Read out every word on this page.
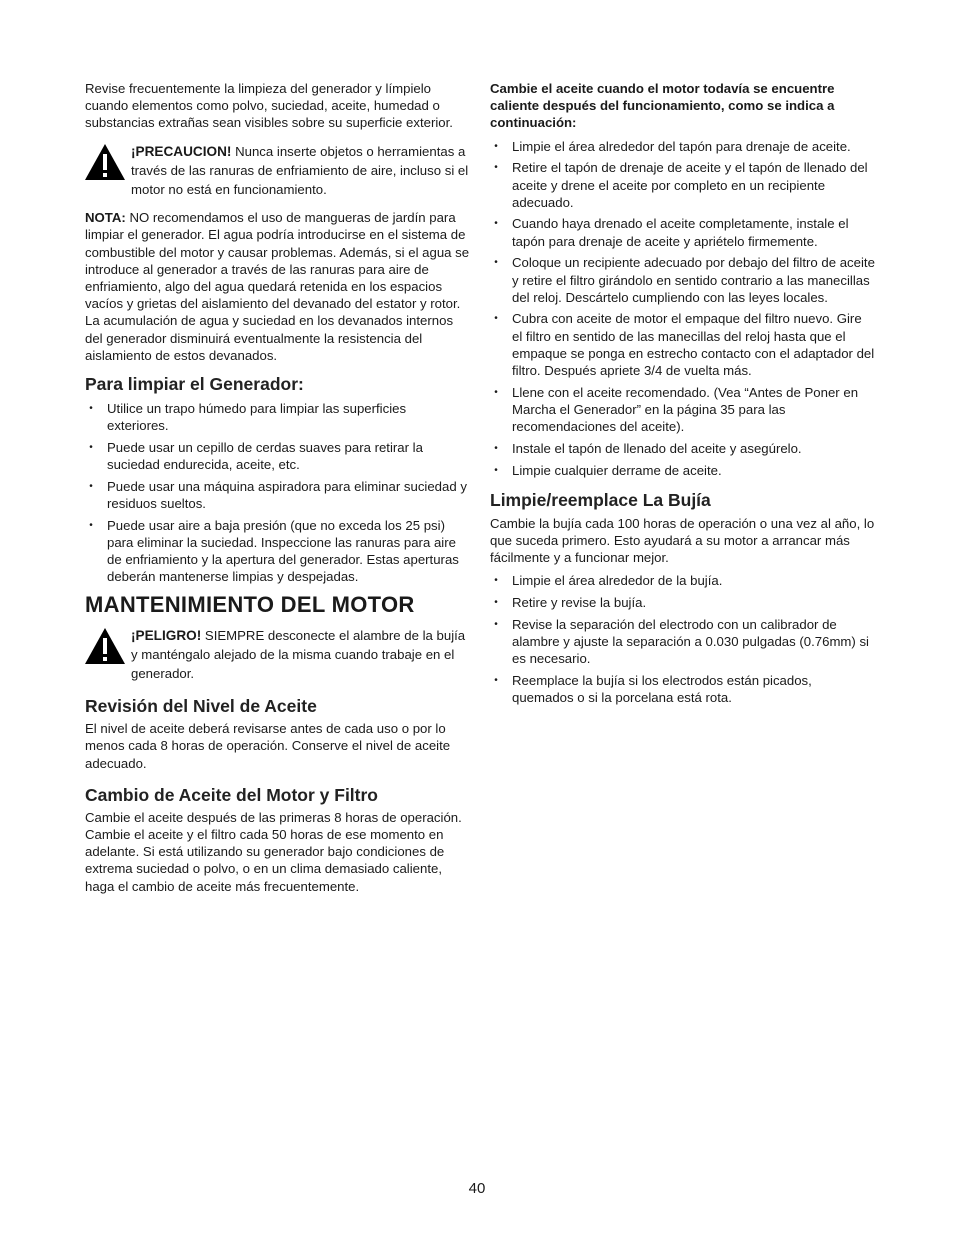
Revise frecuentemente la limpieza del generador y límpielo cuando elementos como polvo, suciedad, aceite, humedad o substancias extrañas sean visibles sobre su superficie exterior.

¡PRECAUCION! Nunca inserte objetos o herramientas a través de las ranuras de enfriamiento de aire, incluso si el motor no está en funcionamiento.

NOTA: NO recomendamos el uso de mangueras de jardín para limpiar el generador. El agua podría introducirse en el sistema de combustible del motor y causar problemas. Además, si el agua se introduce al generador a través de las ranuras para aire de enfriamiento, algo del agua quedará retenida en los espacios vacíos y grietas del aislamiento del devanado del estator y rotor. La acumulación de agua y suciedad en los devanados internos del generador disminuirá eventualmente la resistencia del aislamiento de estos devanados.

Para limpiar el Generador:
•	Utilice un trapo húmedo para limpiar las superficies exteriores.
•	Puede usar un cepillo de cerdas suaves para retirar la suciedad endurecida, aceite, etc.
•	Puede usar una máquina aspiradora para eliminar suciedad y residuos sueltos.
•	Puede usar aire a baja presión (que no exceda los 25 psi) para eliminar la suciedad. Inspeccione las ranuras para aire de enfriamiento y la apertura del generador. Estas aperturas deberán mantenerse limpias y despejadas.
MANTENIMIENTO DEL MOTOR

¡PELIGRO! SIEMPRE desconecte el alambre de la bujía y manténgalo alejado de la misma cuando trabaje en el generador.

Revisión del Nivel de Aceite

El nivel de aceite deberá revisarse antes de cada uso o por lo menos cada 8 horas de operación. Conserve el nivel de aceite adecuado.

Cambio de Aceite del Motor y Filtro

Cambie el aceite después de las primeras 8 horas de operación. Cambie el aceite y el filtro cada 50 horas de ese momento en adelante. Si está utilizando su generador bajo condiciones de extrema suciedad o polvo, o en un clima demasiado caliente, haga el cambio de aceite más frecuentemente.

Cambie el aceite cuando el motor todavía se encuentre caliente después del funcionamiento, como se indica a continuación:

•	Limpie el área alrededor del tapón para drenaje de aceite.
•	Retire el tapón de drenaje de aceite y el tapón de llenado del aceite y drene el aceite por completo en un recipiente adecuado.
•	Cuando haya drenado el aceite completamente, instale el tapón para drenaje de aceite y apriételo firmemente.
•	Coloque un recipiente adecuado por debajo del filtro de aceite y retire el filtro girándolo en sentido contrario a las manecillas del reloj. Descártelo cumpliendo con las leyes locales.
•	Cubra con aceite de motor el empaque del filtro nuevo. Gire el filtro en sentido de las manecillas del reloj hasta que el empaque se ponga en estrecho contacto con el adaptador del filtro. Después apriete 3/4 de vuelta más.
•	Llene con el aceite recomendado. (Vea “Antes de Poner en Marcha el Generador” en la página 35 para las recomendaciones del aceite).
•	Instale el tapón de llenado del aceite y asegúrelo.
•	Limpie cualquier derrame de aceite.
Limpie/reemplace La Bujía

Cambie la bujía cada 100 horas de operación o una vez al año, lo que suceda primero. Esto ayudará a su motor a arrancar más fácilmente y a funcionar mejor.

•	Limpie el área alrededor de la bujía.
•	Retire y revise la bujía.
•	Revise la separación del electrodo con un calibrador de alambre y ajuste la separación a 0.030 pulgadas (0.76mm) si es necesario.
•	Reemplace la bujía si los electrodos están picados, quemados o si la porcelana está rota.
40
